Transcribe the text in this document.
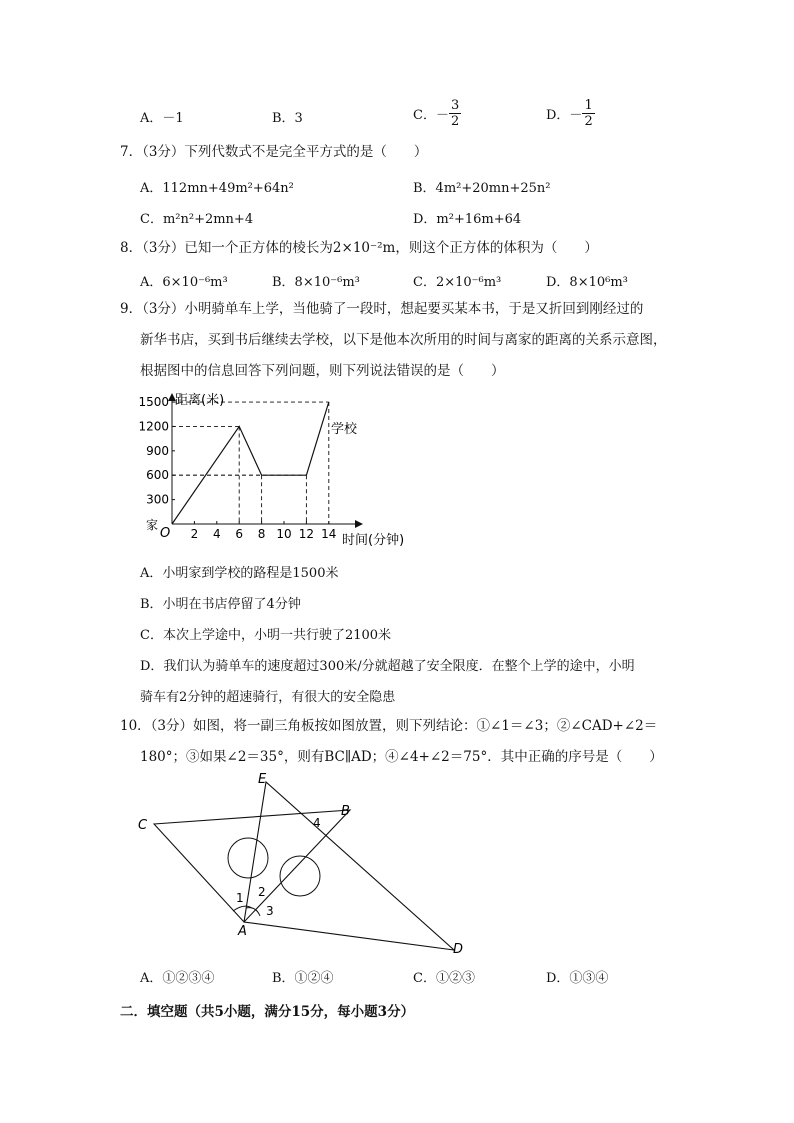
A．－1	B．3	C．－ $\frac{3}{2}$	D．－ $\frac{1}{2}$
7．（3分）下列代数式不是完全平方式的是（　　）
A．112mn+49m²+64n²	B．4m²+20mn+25n²
C．m²n²+2mn+4	D．m²+16m+64
8．（3分）已知一个正方体的棱长为2×10⁻²m，则这个正方体的体积为（　　）
A．6×10⁻⁶m³	B．8×10⁻⁶m³	C．2×10⁻⁶m³	D．8×10⁶m³
9．（3分）小明骑单车上学，当他骑了一段时，想起要买某本书，于是又折回到刚经过的
新华书店，买到书后继续去学校，以下是他本次所用的时间与离家的距离的关系示意图，
根据图中的信息回答下列问题，则下列说法错误的是（　　）
2 4 6 8 10 12 14
300
600
900
1200
1500 距离(米)
时间(分钟)
O
家
学校
A．小明家到学校的路程是1500米
B．小明在书店停留了4分钟
C．本次上学途中，小明一共行驶了2100米
D．我们认为骑单车的速度超过300米/分就超越了安全限度．在整个上学的途中，小明
骑车有2分钟的超速骑行，有很大的安全隐患
10．（3分）如图，将一副三角板按如图放置，则下列结论：①∠1＝∠3；②∠CAD+∠2＝
180°；③如果∠2＝35°，则有BC∥AD；④∠4+∠2＝75°．其中正确的序号是（　　）
E
B
C
A
D
1 2
3
4
A．①②③④	B．①②④	C．①②③	D．①③④
二．填空题（共5小题，满分15分，每小题3分）
